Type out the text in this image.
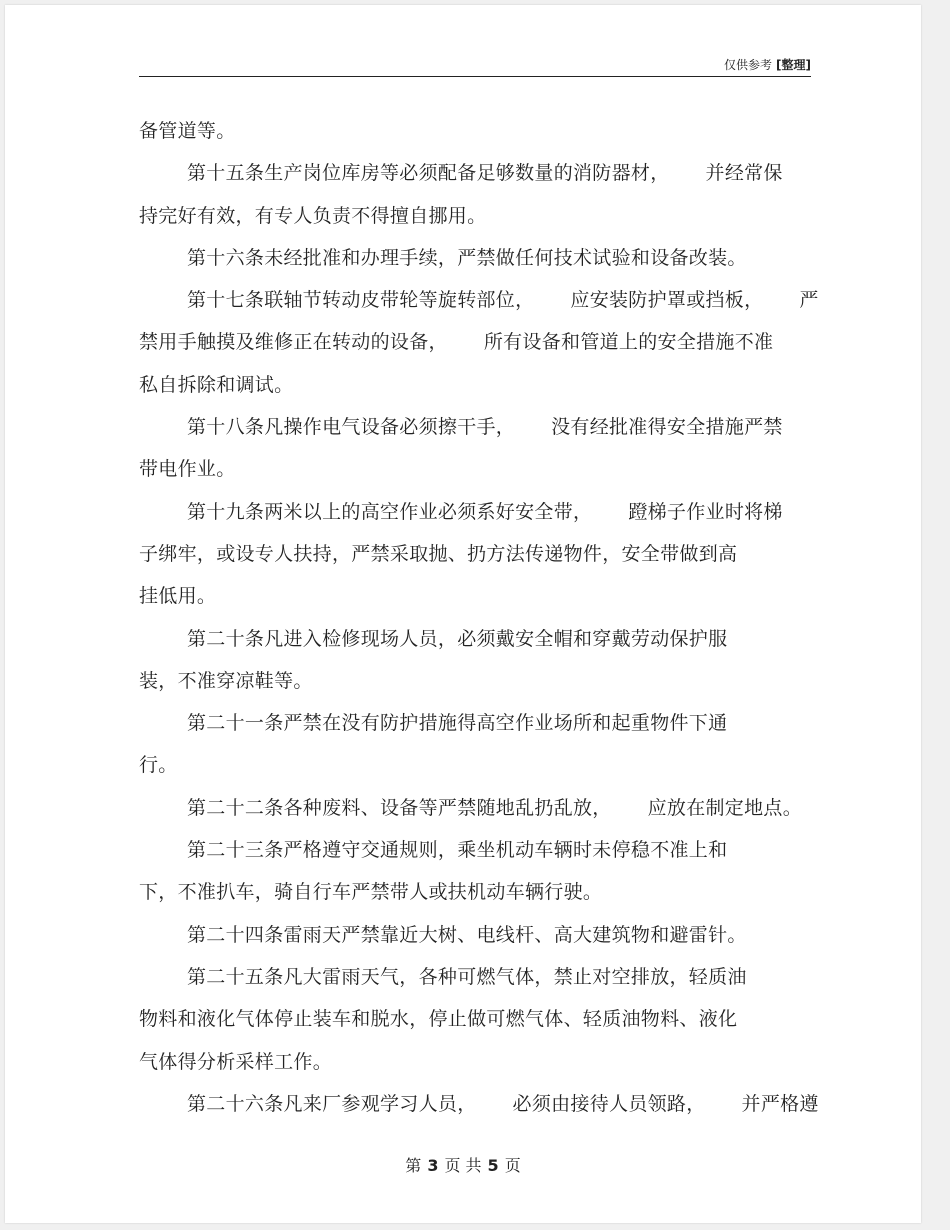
仅供参考 [整理]
备管道等。
第十五条生产岗位库房等必须配备足够数量的消防器材， 并经常保
持完好有效，有专人负责不得擅自挪用。
第十六条未经批准和办理手续，严禁做任何技术试验和设备改装。
第十七条联轴节转动皮带轮等旋转部位， 应安装防护罩或挡板， 严
禁用手触摸及维修正在转动的设备， 所有设备和管道上的安全措施不准
私自拆除和调试。
第十八条凡操作电气设备必须擦干手， 没有经批准得安全措施严禁
带电作业。
第十九条两米以上的高空作业必须系好安全带， 蹬梯子作业时将梯
子绑牢，或设专人扶持，严禁采取抛、扔方法传递物件，安全带做到高
挂低用。
第二十条凡进入检修现场人员，必须戴安全帽和穿戴劳动保护服
装，不准穿凉鞋等。
第二十一条严禁在没有防护措施得高空作业场所和起重物件下通
行。
第二十二条各种废料、设备等严禁随地乱扔乱放， 应放在制定地点。
第二十三条严格遵守交通规则，乘坐机动车辆时未停稳不准上和
下，不准扒车，骑自行车严禁带人或扶机动车辆行驶。
第二十四条雷雨天严禁靠近大树、电线杆、高大建筑物和避雷针。
第二十五条凡大雷雨天气，各种可燃气体，禁止对空排放，轻质油
物料和液化气体停止装车和脱水，停止做可燃气体、轻质油物料、液化
气体得分析采样工作。
第二十六条凡来厂参观学习人员， 必须由接待人员领路， 并严格遵
第 3 页 共 5 页
